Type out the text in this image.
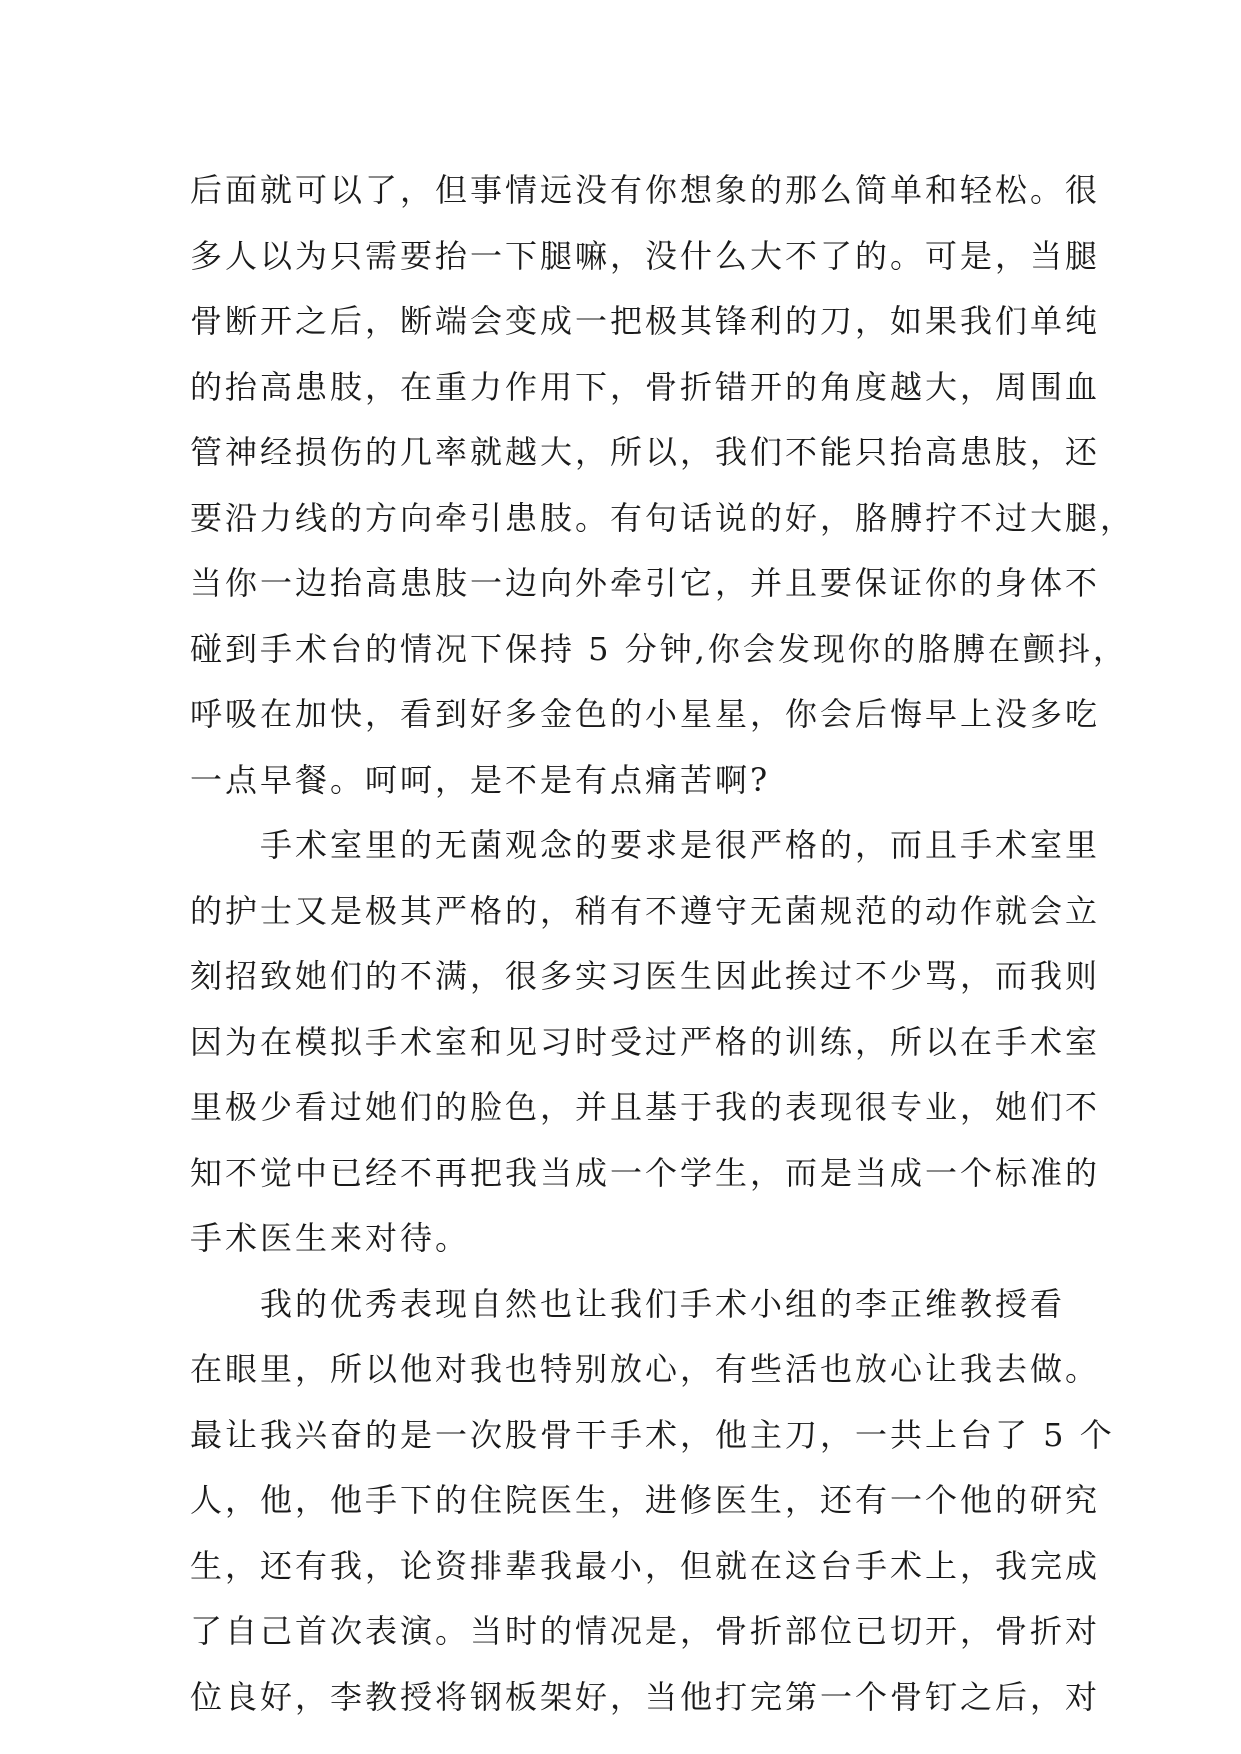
后面就可以了，但事情远没有你想象的那么简单和轻松。很
多人以为只需要抬一下腿嘛，没什么大不了的。可是，当腿
骨断开之后，断端会变成一把极其锋利的刀，如果我们单纯
的抬高患肢，在重力作用下，骨折错开的角度越大，周围血
管神经损伤的几率就越大，所以，我们不能只抬高患肢，还
要沿力线的方向牵引患肢。有句话说的好，胳膊拧不过大腿，
当你一边抬高患肢一边向外牵引它，并且要保证你的身体不
碰到手术台的情况下保持 5 分钟,你会发现你的胳膊在颤抖，
呼吸在加快，看到好多金色的小星星，你会后悔早上没多吃
一点早餐。呵呵，是不是有点痛苦啊?
　　手术室里的无菌观念的要求是很严格的，而且手术室里
的护士又是极其严格的，稍有不遵守无菌规范的动作就会立
刻招致她们的不满，很多实习医生因此挨过不少骂，而我则
因为在模拟手术室和见习时受过严格的训练，所以在手术室
里极少看过她们的脸色，并且基于我的表现很专业，她们不
知不觉中已经不再把我当成一个学生，而是当成一个标准的
手术医生来对待。
　　我的优秀表现自然也让我们手术小组的李正维教授看
在眼里，所以他对我也特别放心，有些活也放心让我去做。
最让我兴奋的是一次股骨干手术，他主刀，一共上台了 5 个
人，他，他手下的住院医生，进修医生，还有一个他的研究
生，还有我，论资排辈我最小，但就在这台手术上，我完成
了自己首次表演。当时的情况是，骨折部位已切开，骨折对
位良好，李教授将钢板架好，当他打完第一个骨钉之后，对
